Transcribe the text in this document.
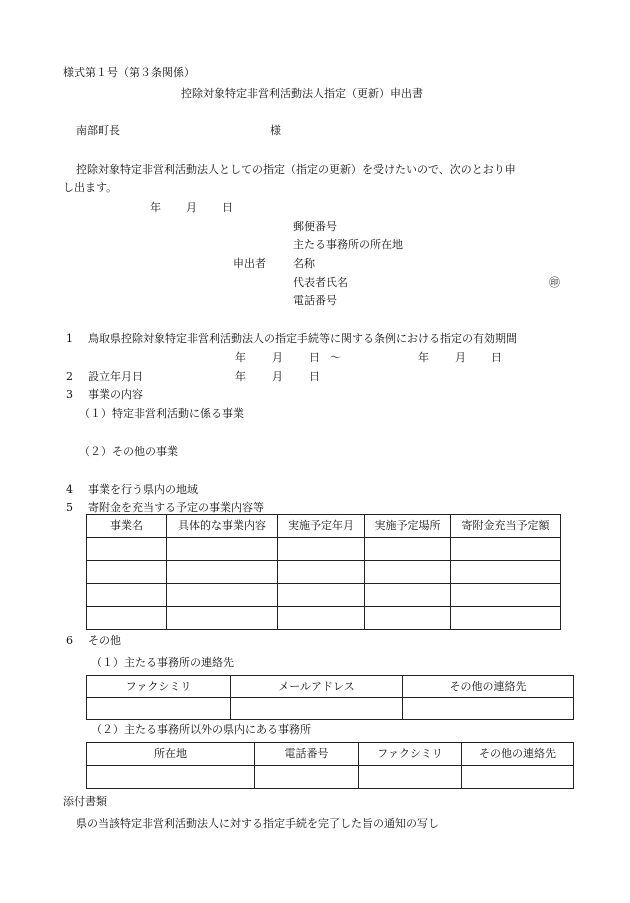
様式第１号（第３条関係）
控除対象特定非営利活動法人指定（更新）申出書
南部町長	様
控除対象特定非営利活動法人としての指定（指定の更新）を受けたいので、次のとおり申
し出ます。
年 月 日
郵便番号
主たる事務所の所在地
申出者 名称
代表者氏名	㊞
電話番号
1 鳥取県控除対象特定非営利活動法人の指定手続等に関する条例における指定の有効期間
年 月 日 ～	年 月 日
2 設立年月日	年 月 日
3 事業の内容
（１）特定非営利活動に係る事業
（２）その他の事業
4 事業を行う県内の地域
5 寄附金を充当する予定の事業内容等
事業名	具体的な事業内容	実施予定年月	実施予定場所	寄附金充当予定額

6 その他
（１）主たる事務所の連絡先
ファクシミリ	メールアドレス	その他の連絡先

（２）主たる事務所以外の県内にある事務所
所在地	電話番号	ファクシミリ	その他の連絡先

添付書類
県の当該特定非営利活動法人に対する指定手続を完了した旨の通知の写し
